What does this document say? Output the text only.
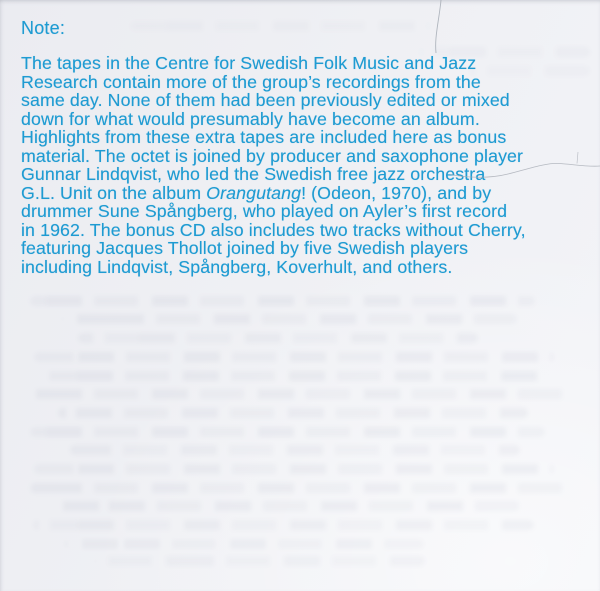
Note:
The tapes in the Centre for Swedish Folk Music and Jazz
Research contain more of the group’s recordings from the
same day. None of them had been previously edited or mixed
down for what would presumably have become an album.
Highlights from these extra tapes are included here as bonus
material. The octet is joined by producer and saxophone player
Gunnar Lindqvist, who led the Swedish free jazz orchestra
G.L. Unit on the album Orangutang! (Odeon, 1970), and by
drummer Sune Spångberg, who played on Ayler’s first record
in 1962. The bonus CD also includes two tracks without Cherry,
featuring Jacques Thollot joined by five Swedish players
including Lindqvist, Spångberg, Koverhult, and others.
